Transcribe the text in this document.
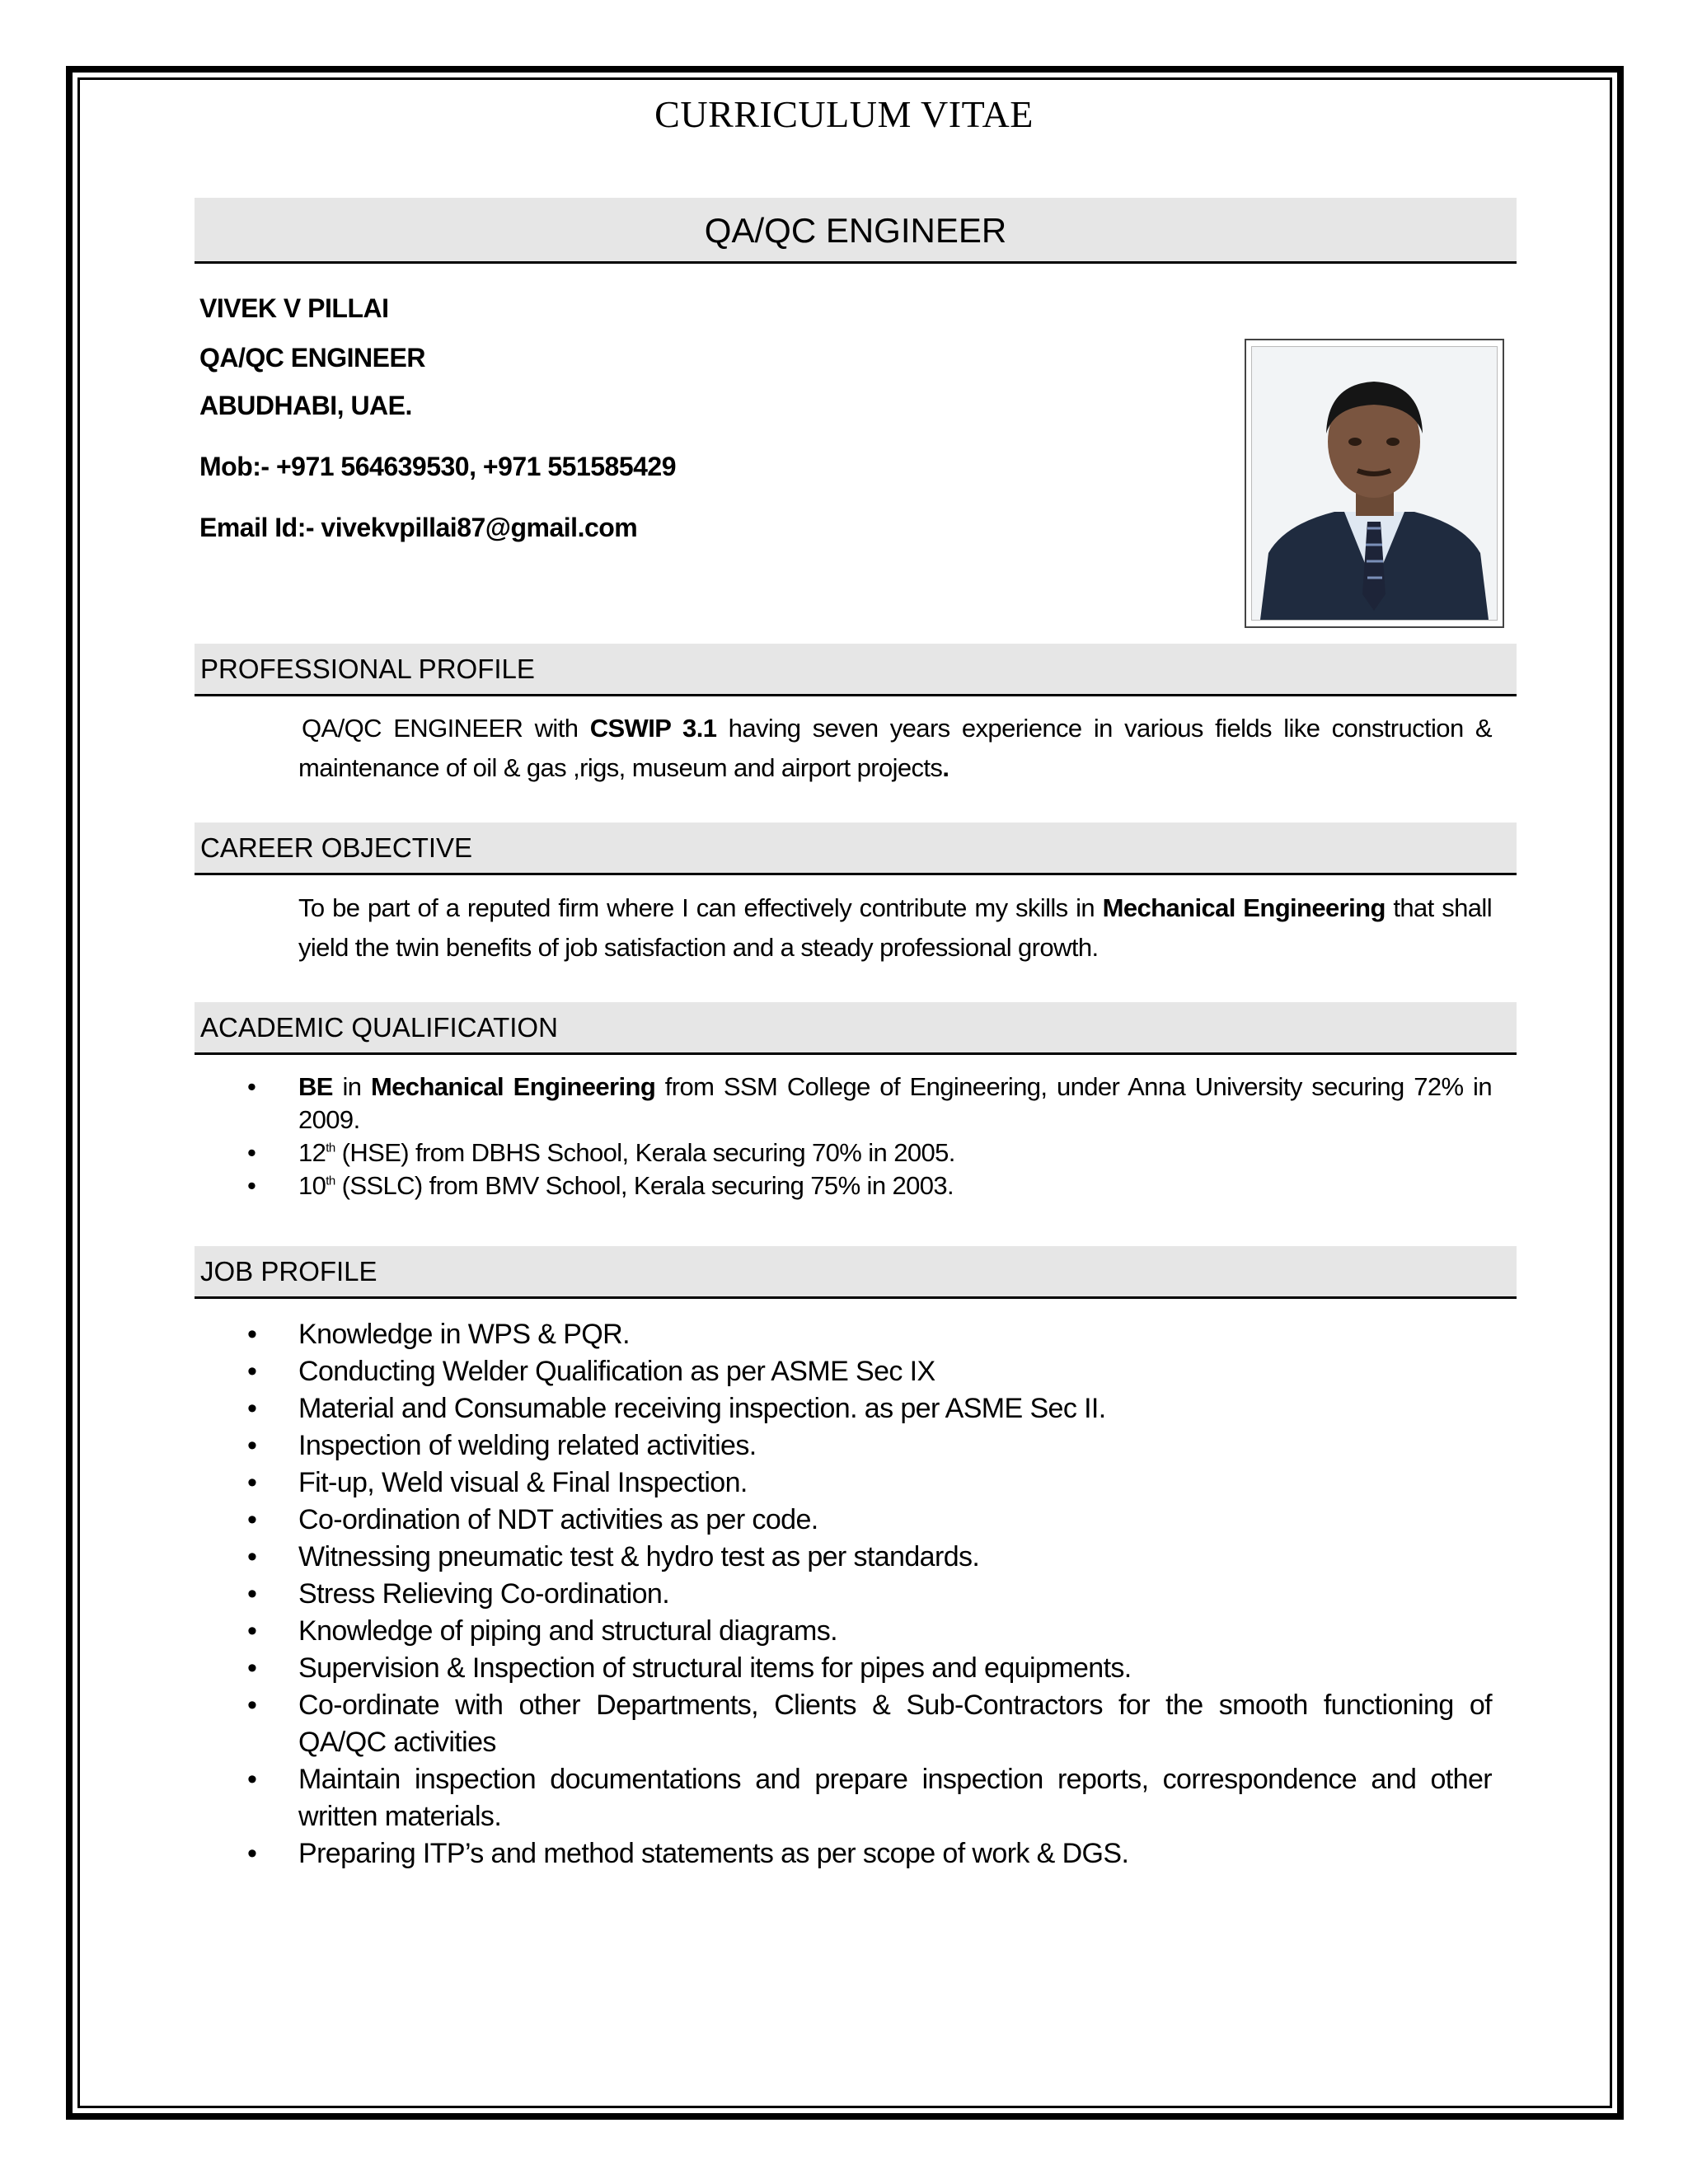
CURRICULUM VITAE
QA/QC ENGINEER
VIVEK V PILLAI
QA/QC ENGINEER
ABUDHABI, UAE.
Mob:- +971 564639530, +971 551585429
Email Id:- vivekvpillai87@gmail.com
PROFESSIONAL PROFILE
QA/QC ENGINEER with CSWIP 3.1 having seven years experience in various fields like construction & maintenance of oil & gas ,rigs, museum and airport projects.
CAREER OBJECTIVE
To be part of a reputed firm where I can effectively contribute my skills in Mechanical Engineering that shall yield the twin benefits of job satisfaction and a steady professional growth.
ACADEMIC QUALIFICATION
• BE in Mechanical Engineering from SSM College of Engineering, under Anna University securing 72% in 2009.
• 12th (HSE) from DBHS School, Kerala securing 70% in 2005.
• 10th (SSLC) from BMV School, Kerala securing 75% in 2003.
JOB PROFILE
• Knowledge in WPS & PQR.
• Conducting Welder Qualification as per ASME Sec IX
• Material and Consumable receiving inspection. as per ASME Sec II.
• Inspection of welding related activities.
• Fit-up, Weld visual & Final Inspection.
• Co-ordination of NDT activities as per code.
• Witnessing pneumatic test & hydro test as per standards.
• Stress Relieving Co-ordination.
• Knowledge of piping and structural diagrams.
• Supervision & Inspection of structural items for pipes and equipments.
• Co-ordinate with other Departments, Clients & Sub-Contractors for the smooth functioning of QA/QC activities
• Maintain inspection documentations and prepare inspection reports, correspondence and other written materials.
• Preparing ITP’s and method statements as per scope of work & DGS.
